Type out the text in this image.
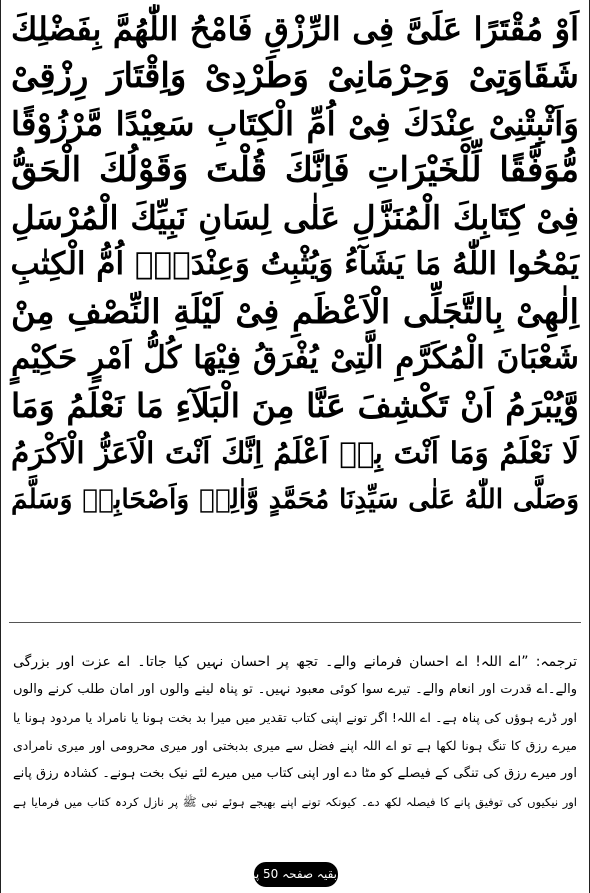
اَوْ مُقْتَرًا عَلَیَّ فِی الرِّزْقِ فَامْحُ اللّٰھُمَّ بِفَضْلِكَ
شَقَاوَتِیْ وَحِرْمَانِیْ وَطَرْدِیْ وَاِقْتَارَ رِزْقِیْ
وَاَثْبِتْنِیْ عِنْدَكَ فِیْ اُمِّ الْكِتَابِ سَعِیْدًا مَّرْزُوْقًا
مُّوَفَّقًا لِّلْخَیْرَاتِ فَاِنَّكَ قُلْتَ وَقَوْلُكَ الْحَقُّ
فِیْ كِتَابِكَ الْمُنَزَّلِ عَلٰی لِسَانِ نَبِیِّكَ الْمُرْسَلِ
یَمْحُوا اللّٰهُ مَا یَشَآءُ وَیُثْبِتُ وَعِنْدَهٗۤ اُمُّ الْكِتٰبِ
اِلٰهِیْ بِالتَّجَلِّی الْاَعْظَمِ فِیْ لَیْلَةِ النِّصْفِ مِنْ
شَعْبَانَ الْمُكَرَّمِ الَّتِیْ یُفْرَقُ فِیْهَا كُلُّ اَمْرٍ حَكِیْمٍ
وَّیُبْرَمُ اَنْ تَكْشِفَ عَنَّا مِنَ الْبَلَآءِ مَا نَعْلَمُ وَمَا
لَا نَعْلَمُ وَمَا اَنْتَ بِهٖ اَعْلَمُ اِنَّكَ اَنْتَ الْاَعَزُّ الْاَكْرَمُ
وَصَلَّی اللّٰهُ عَلٰی سَیِّدِنَا مُحَمَّدٍ وَّاٰلِهٖ وَاَصْحَابِهٖ وَسَلَّمَ
ترجمہ: ”اے اللہ! اے احسان فرمانے والے۔ تجھ پر احسان نہیں کیا جاتا۔ اے عزت اور بزرگی
والے۔اے قدرت اور انعام والے۔ تیرے سوا کوئی معبود نہیں۔ تو پناہ لینے والوں اور امان طلب کرنے والوں
اور ڈرے ہوؤں کی پناہ ہے۔ اے اللہ! اگر تونے اپنی کتاب تقدیر میں میرا بد بخت ہونا یا نامراد یا مردود ہونا یا
میرے رزق کا تنگ ہونا لکھا ہے تو اے اللہ اپنے فضل سے میری بدبختی اور میری محرومی اور میری نامرادی
اور میرے رزق کی تنگی کے فیصلے کو مٹا دے اور اپنی کتاب میں میرے لئے نیک بخت ہونے۔ کشادہ رزق پانے
اور نیکیوں کی توفیق پانے کا فیصلہ لکھ دے۔ کیونکہ تونے اپنے بھیجے ہوئے نبی ﷺ پر نازل کردہ کتاب میں فرمایا ہے
بقیہ صفحہ 50 پر
